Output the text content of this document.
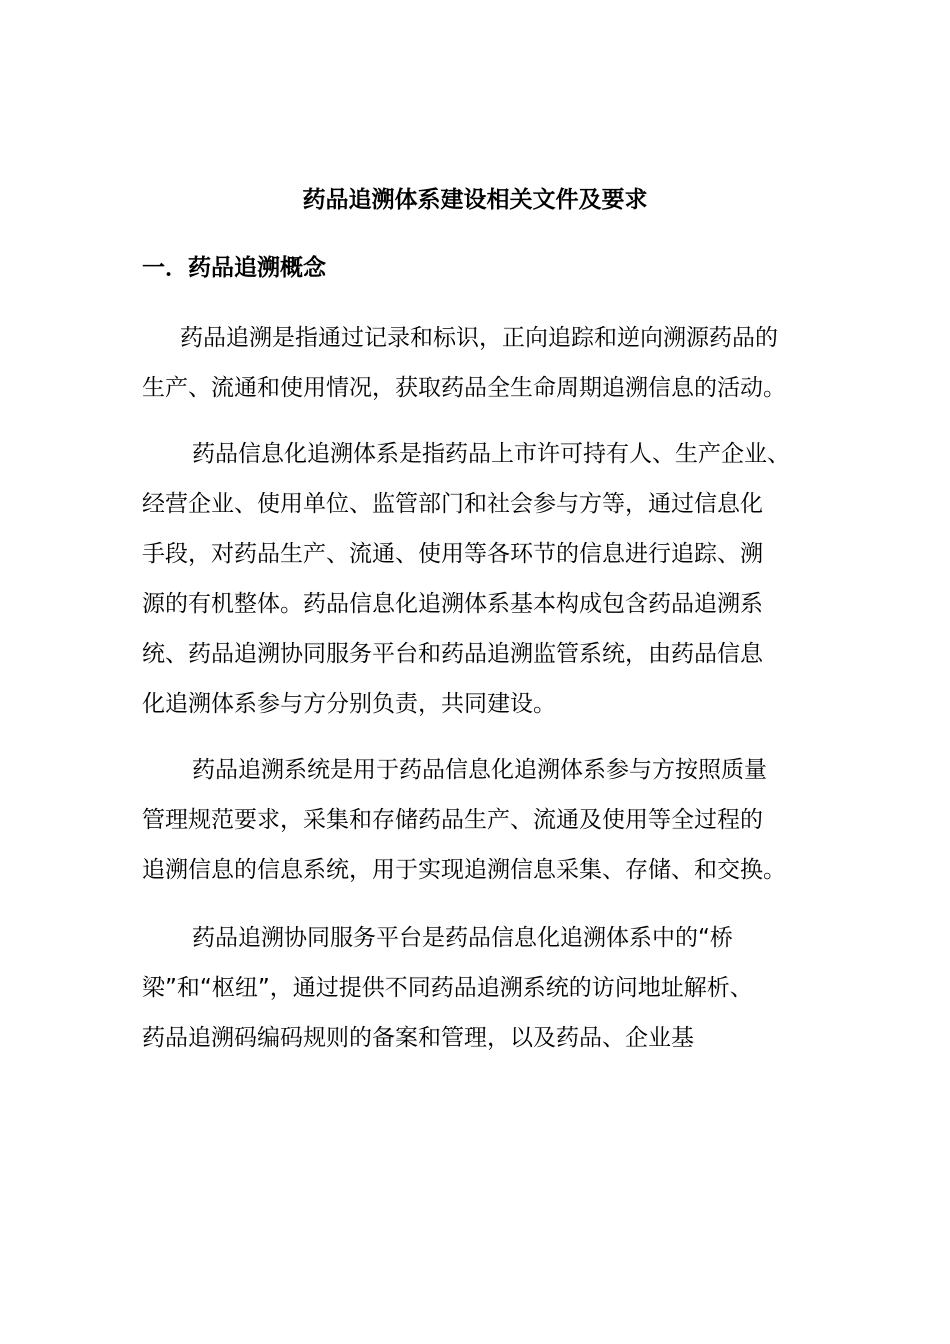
药品追溯体系建设相关文件及要求
一．药品追溯概念

药品追溯是指通过记录和标识，正向追踪和逆向溯源药品的
生产、流通和使用情况，获取药品全生命周期追溯信息的活动。

药品信息化追溯体系是指药品上市许可持有人、生产企业、
经营企业、使用单位、监管部门和社会参与方等，通过信息化
手段，对药品生产、流通、使用等各环节的信息进行追踪、溯
源的有机整体。药品信息化追溯体系基本构成包含药品追溯系
统、药品追溯协同服务平台和药品追溯监管系统，由药品信息
化追溯体系参与方分别负责，共同建设。

药品追溯系统是用于药品信息化追溯体系参与方按照质量
管理规范要求，采集和存储药品生产、流通及使用等全过程的
追溯信息的信息系统，用于实现追溯信息采集、存储、和交换。

药品追溯协同服务平台是药品信息化追溯体系中的“桥
梁”和“枢纽”，通过提供不同药品追溯系统的访问地址解析、
药品追溯码编码规则的备案和管理，以及药品、企业基
